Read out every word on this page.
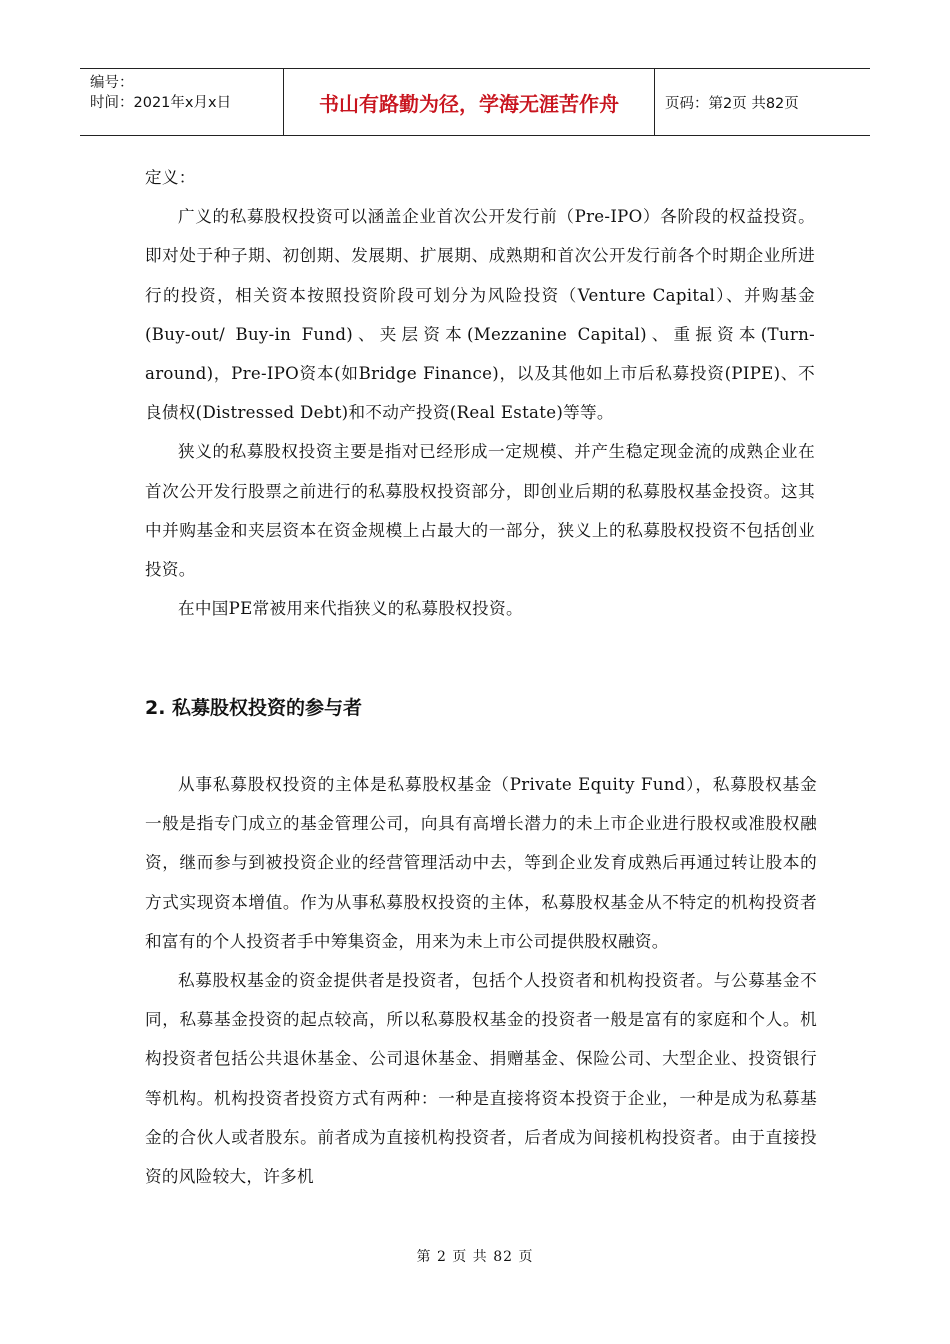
编号：
时间：2021年x月x日	书山有路勤为径，学海无涯苦作舟	页码：第2页 共82页

定义：

广义的私募股权投资可以涵盖企业首次公开发行前（Pre-IPO）各阶段的权益投资。即对处于种子期、初创期、发展期、扩展期、成熟期和首次公开发行前各个时期企业所进行的投资，相关资本按照投资阶段可划分为风险投资（Venture Capital）、并购基金(Buy-out/ Buy-in Fund)、夹层资本(Mezzanine Capital)、重振资本(Turn-around)，Pre-IPO资本(如Bridge Finance)，以及其他如上市后私募投资(PIPE)、不良债权(Distressed Debt)和不动产投资(Real Estate)等等。

狭义的私募股权投资主要是指对已经形成一定规模、并产生稳定现金流的成熟企业在首次公开发行股票之前进行的私募股权投资部分，即创业后期的私募股权基金投资。这其中并购基金和夹层资本在资金规模上占最大的一部分，狭义上的私募股权投资不包括创业投资。

在中国PE常被用来代指狭义的私募股权投资。

2. 私募股权投资的参与者

从事私募股权投资的主体是私募股权基金（Private Equity Fund），私募股权基金一般是指专门成立的基金管理公司，向具有高增长潜力的未上市企业进行股权或准股权融资，继而参与到被投资企业的经营管理活动中去，等到企业发育成熟后再通过转让股本的方式实现资本增值。作为从事私募股权投资的主体，私募股权基金从不特定的机构投资者和富有的个人投资者手中筹集资金，用来为未上市公司提供股权融资。

私募股权基金的资金提供者是投资者，包括个人投资者和机构投资者。与公募基金不同，私募基金投资的起点较高，所以私募股权基金的投资者一般是富有的家庭和个人。机构投资者包括公共退休基金、公司退休基金、捐赠基金、保险公司、大型企业、投资银行等机构。机构投资者投资方式有两种：一种是直接将资本投资于企业，一种是成为私募基金的合伙人或者股东。前者成为直接机构投资者，后者成为间接机构投资者。由于直接投资的风险较大，许多机

第 2 页 共 82 页
